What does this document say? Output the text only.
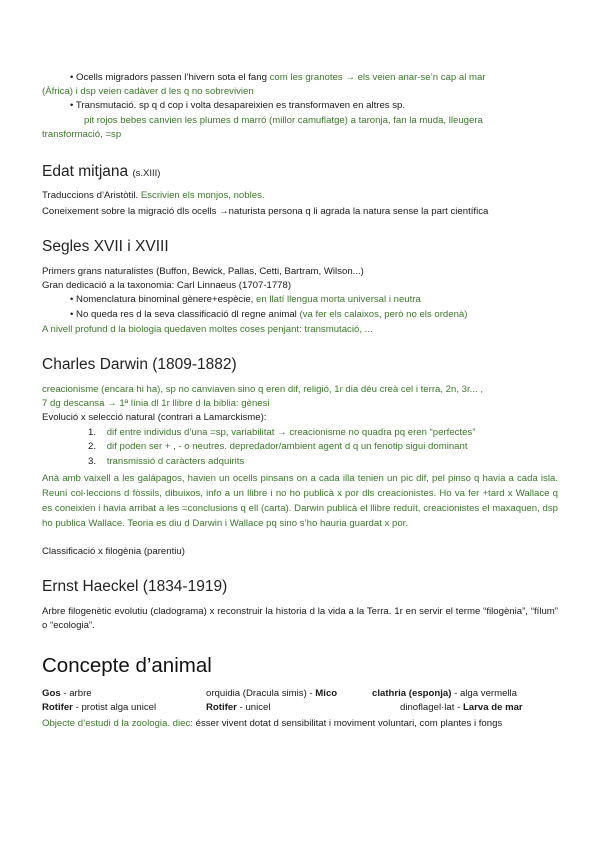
• Ocells migradors passen l’hivern sota el fang com les granotes → els veien anar-se’n cap al mar
(Àfrica) i dsp veien cadàver d les q no sobrevivien
• Transmutació. sp q d cop i volta desapareixien es transformaven en altres sp.
pit rojos bebes canvien les plumes d marró (millor camuflatge) a taronja, fan la muda, lleugera
transformació, =sp
Edat mitjana (s.XIII)
Traduccions d’Aristòtil. Escrivien els monjos, nobles.
Coneixement sobre la migració dls ocells →naturista persona q li agrada la natura sense la part científica
Segles XVII i XVIII
Primers grans naturalistes (Buffon, Bewick, Pallas, Cetti, Bartram, Wilson...)
Gran dedicació a la taxonomia: Carl Linnaeus (1707-1778)
• Nomenclatura binominal gènere+espècie, en llatí llengua morta universal i neutra
• No queda res d la seva classificació dl regne animal (va fer els calaixos, però no els ordenà)
A nivell profund d la biologia quedaven moltes coses penjant: transmutació, ...
Charles Darwin (1809-1882)
creacionisme (encara hi ha), sp no canviaven sino q eren dif, religió, 1r dia déu creà cel i terra, 2n, 3r... ,
7 dg descansa → 1ª línia dl 1r llibre d la biblia: gènesi
Evolució x selecció natural (contrari a Lamarckisme):
1. dif entre individus d’una =sp, variabilitat → creacionisme no quadra pq eren “perfectes”
2. dif poden ser + , - o neutres. depredador/ambient agent d q un fenotip sigui dominant
3. transmissió d caràcters adquirits
Anà amb vaixell a les galápagos, havien un ocells pinsans on a cada illa tenien un pic dif, pel pinso q havia a cada isla. Reuní col·leccions d fòssils, dibuixos, info a un llibre i no ho publicà x por dls creacionistes. Ho va fer +tard x Wallace q es coneixien i havia arribat a les =conclusions q ell (carta). Darwin publicà el llibre reduït, creacionistes el maxaquen, dsp ho publica Wallace. Teoria es diu d Darwin i Wallace pq sino s’ho hauria guardat x por.
Classificació x filogènia (parentiu)
Ernst Haeckel (1834-1919)
Arbre filogenètic evolutiu (cladograma) x reconstruir la historia d la vida a la Terra. 1r en servir el terme “filogènia”, “fílum” o “ecologia”.
Concepte d’animal
Gos - arbre	orquidia (Dracula simis) - Mico	clathria (esponja) - alga vermella
Rotifer - protist alga unicel	Rotifer - unicel	dinoflagel·lat - Larva de mar
Objecte d’estudi d la zoologia. diec: ésser vivent dotat d sensibilitat i moviment voluntari, com plantes i fongs
